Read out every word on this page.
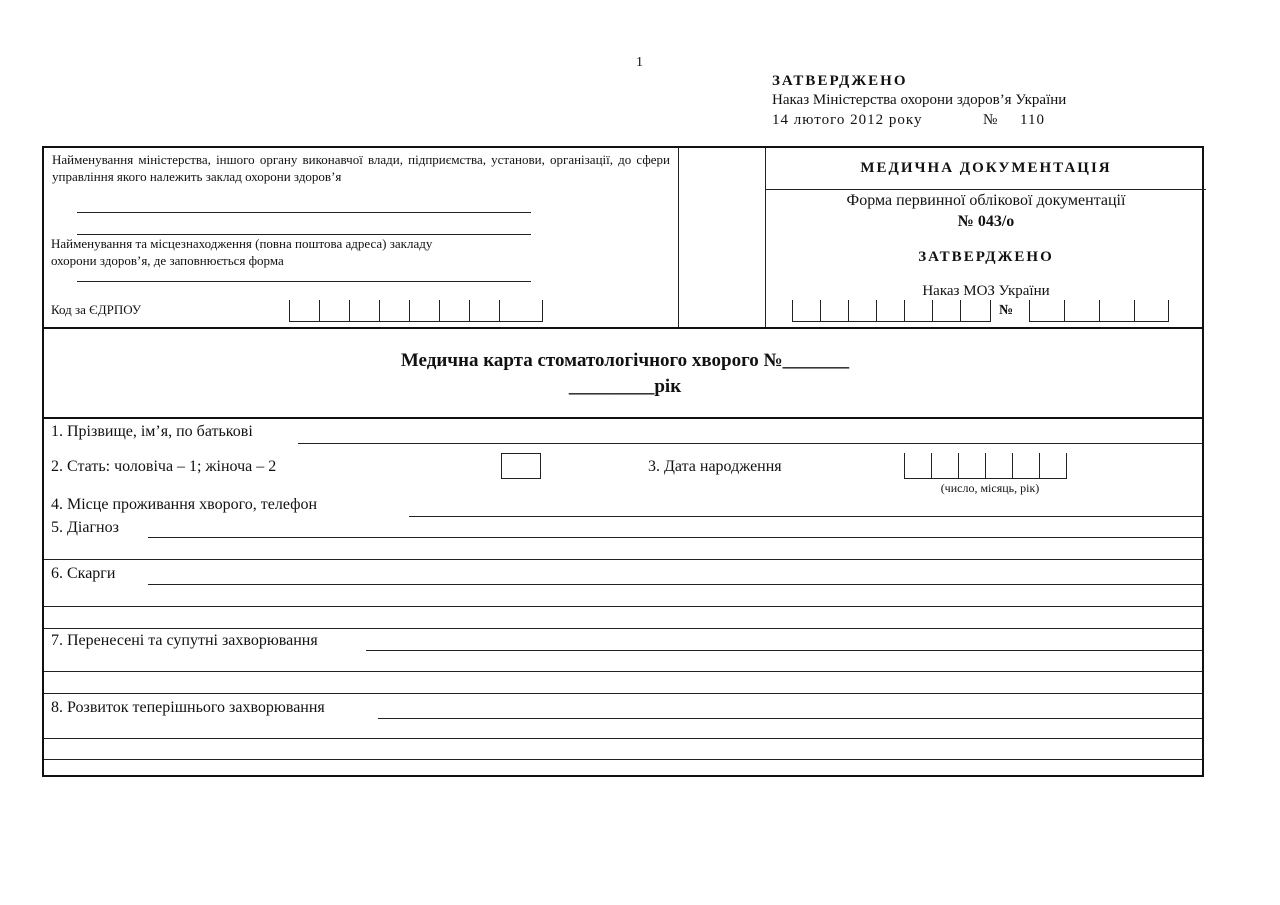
1
ЗАТВЕРДЖЕНО
Наказ Міністерства охорони здоров’я України
14 лютого 2012 року	№ 110
Найменування міністерства, іншого органу виконавчої влади, підприємства, установи, організації, до сфери управління якого належить заклад охорони здоров’я
Найменування та місцезнаходження (повна поштова адреса) закладу
охорони здоров’я, де заповнюється форма
Код за ЄДРПОУ
МЕДИЧНА ДОКУМЕНТАЦІЯ
Форма первинної облікової документації
№ 043/о
ЗАТВЕРДЖЕНО
Наказ МОЗ України
№
Медична карта стоматологічного хворого №_______
_________рік
1. Прізвище, ім’я, по батькові
2. Стать: чоловіча – 1; жіноча – 2	3. Дата народження
(число, місяць, рік)
4. Місце проживання хворого, телефон
5. Діагноз
6. Скарги
7. Перенесені та супутні захворювання
8. Розвиток теперішнього захворювання
